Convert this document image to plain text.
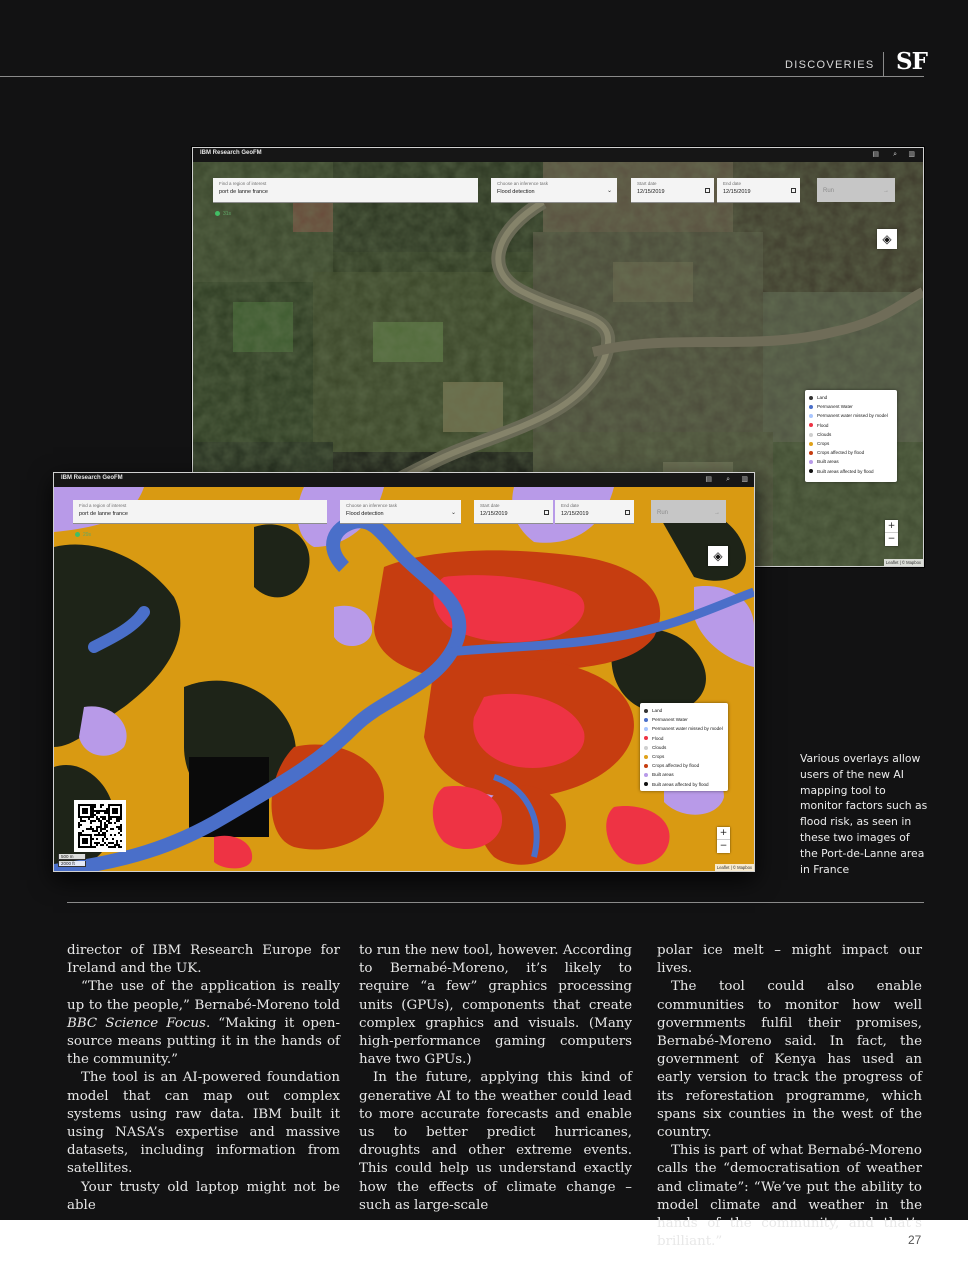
DISCOVERIES SF
IBM Research GeoFM	▤ ⌕ ▥
Find a region of interest
port de lanne france
Choose an inference task
Flood detection	⌄
Start date
12/15/2019
End date
12/15/2019	Run	→
31s
◈
Land
Permanent Water
Permanent water missed by model
Flood
Clouds
Crops
Crops affected by flood
Built areas
Built areas affected by flood
+
−
Leaflet | © Mapbox
IBM Research GeoFM	▤ ⌕ ▥
Find a region of interest
port de lanne france
Choose an inference task
Flood detection	⌄
Start date
12/15/2019
End date
12/15/2019	Run	→
29s
◈
Land
Permanent Water
Permanent water missed by model
Flood
Clouds
Crops
Crops affected by flood
Built areas
Built areas affected by flood
+
−
500 m
2000 ft
Leaflet | © Mapbox
Various overlays allow users of the new AI mapping tool to monitor factors such as flood risk, as seen in these two images of the Port-de-Lanne area in France

director of IBM Research Europe for Ireland and the UK.

“The use of the application is really up to the people,” Bernabé-Moreno told BBC Science Focus. “Making it open-source means putting it in the hands of the community.”

The tool is an AI-powered foundation model that can map out complex systems using raw data. IBM built it using NASA’s expertise and massive datasets, including information from satellites.

Your trusty old laptop might not be able

to run the new tool, however. According to Bernabé-Moreno, it’s likely to require “a few” graphics processing units (GPUs), components that create complex graphics and visuals. (Many high-performance gaming computers have two GPUs.)

In the future, applying this kind of generative AI to the weather could lead to more accurate forecasts and enable us to better predict hurricanes, droughts and other extreme events. This could help us understand exactly how the effects of climate change – such as large-scale

polar ice melt – might impact our lives.

The tool could also enable communities to monitor how well governments fulfil their promises, Bernabé-Moreno said. In fact, the government of Kenya has used an early version to track the progress of its reforestation programme, which spans six counties in the west of the country.

This is part of what Bernabé-Moreno calls the “democratisation of weather and climate”: “We’ve put the ability to model climate and weather in the hands of the community, and that’s brilliant.”	27
